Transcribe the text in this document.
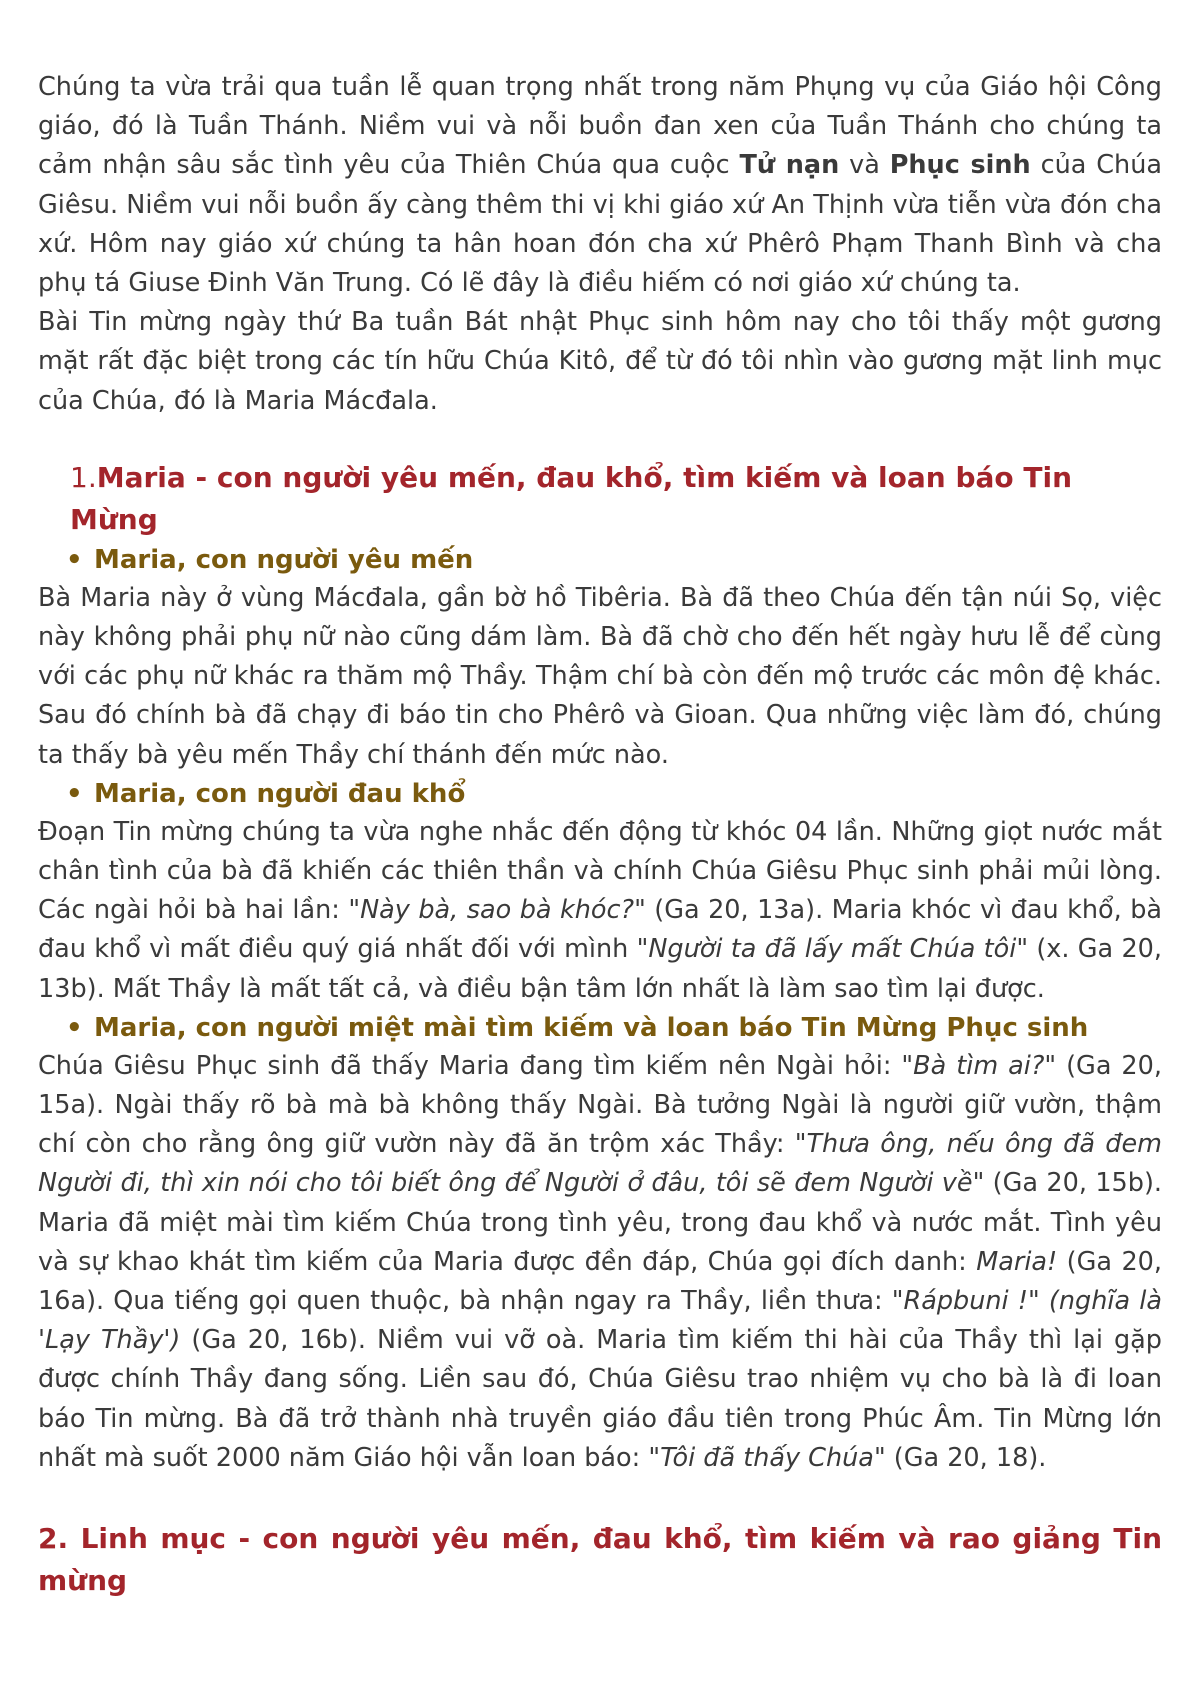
Chúng ta vừa trải qua tuần lễ quan trọng nhất trong năm Phụng vụ của Giáo hội Công giáo, đó là Tuần Thánh. Niềm vui và nỗi buồn đan xen của Tuần Thánh cho chúng ta cảm nhận sâu sắc tình yêu của Thiên Chúa qua cuộc Tử nạn và Phục sinh của Chúa Giêsu. Niềm vui nỗi buồn ấy càng thêm thi vị khi giáo xứ An Thịnh vừa tiễn vừa đón cha xứ. Hôm nay giáo xứ chúng ta hân hoan đón cha xứ Phêrô Phạm Thanh Bình và cha phụ tá Giuse Đinh Văn Trung. Có lẽ đây là điều hiếm có nơi giáo xứ chúng ta.

Bài Tin mừng ngày thứ Ba tuần Bát nhật Phục sinh hôm nay cho tôi thấy một gương mặt rất đặc biệt trong các tín hữu Chúa Kitô, để từ đó tôi nhìn vào gương mặt linh mục của Chúa, đó là Maria Mácđala.

1.Maria - con người yêu mến, đau khổ, tìm kiếm và loan báo Tin Mừng
• Maria, con người yêu mến

Bà Maria này ở vùng Mácđala, gần bờ hồ Tibêria. Bà đã theo Chúa đến tận núi Sọ, việc này không phải phụ nữ nào cũng dám làm. Bà đã chờ cho đến hết ngày hưu lễ để cùng với các phụ nữ khác ra thăm mộ Thầy. Thậm chí bà còn đến mộ trước các môn đệ khác. Sau đó chính bà đã chạy đi báo tin cho Phêrô và Gioan. Qua những việc làm đó, chúng ta thấy bà yêu mến Thầy chí thánh đến mức nào.

• Maria, con người đau khổ

Đoạn Tin mừng chúng ta vừa nghe nhắc đến động từ khóc 04 lần. Những giọt nước mắt chân tình của bà đã khiến các thiên thần và chính Chúa Giêsu Phục sinh phải mủi lòng. Các ngài hỏi bà hai lần: "Này bà, sao bà khóc?" (Ga 20, 13a). Maria khóc vì đau khổ, bà đau khổ vì mất điều quý giá nhất đối với mình "Người ta đã lấy mất Chúa tôi" (x. Ga 20, 13b). Mất Thầy là mất tất cả, và điều bận tâm lớn nhất là làm sao tìm lại được.

• Maria, con người miệt mài tìm kiếm và loan báo Tin Mừng Phục sinh

Chúa Giêsu Phục sinh đã thấy Maria đang tìm kiếm nên Ngài hỏi: "Bà tìm ai?" (Ga 20, 15a). Ngài thấy rõ bà mà bà không thấy Ngài. Bà tưởng Ngài là người giữ vườn, thậm chí còn cho rằng ông giữ vườn này đã ăn trộm xác Thầy: "Thưa ông, nếu ông đã đem Người đi, thì xin nói cho tôi biết ông để Người ở đâu, tôi sẽ đem Người về" (Ga 20, 15b). Maria đã miệt mài tìm kiếm Chúa trong tình yêu, trong đau khổ và nước mắt. Tình yêu và sự khao khát tìm kiếm của Maria được đền đáp, Chúa gọi đích danh: Maria! (Ga 20, 16a). Qua tiếng gọi quen thuộc, bà nhận ngay ra Thầy, liền thưa: "Rápbuni !" (nghĩa là 'Lạy Thầy') (Ga 20, 16b). Niềm vui vỡ oà. Maria tìm kiếm thi hài của Thầy thì lại gặp được chính Thầy đang sống. Liền sau đó, Chúa Giêsu trao nhiệm vụ cho bà là đi loan báo Tin mừng. Bà đã trở thành nhà truyền giáo đầu tiên trong Phúc Âm. Tin Mừng lớn nhất mà suốt 2000 năm Giáo hội vẫn loan báo: "Tôi đã thấy Chúa" (Ga 20, 18).

2. Linh mục - con người yêu mến, đau khổ, tìm kiếm và rao giảng Tin mừng
